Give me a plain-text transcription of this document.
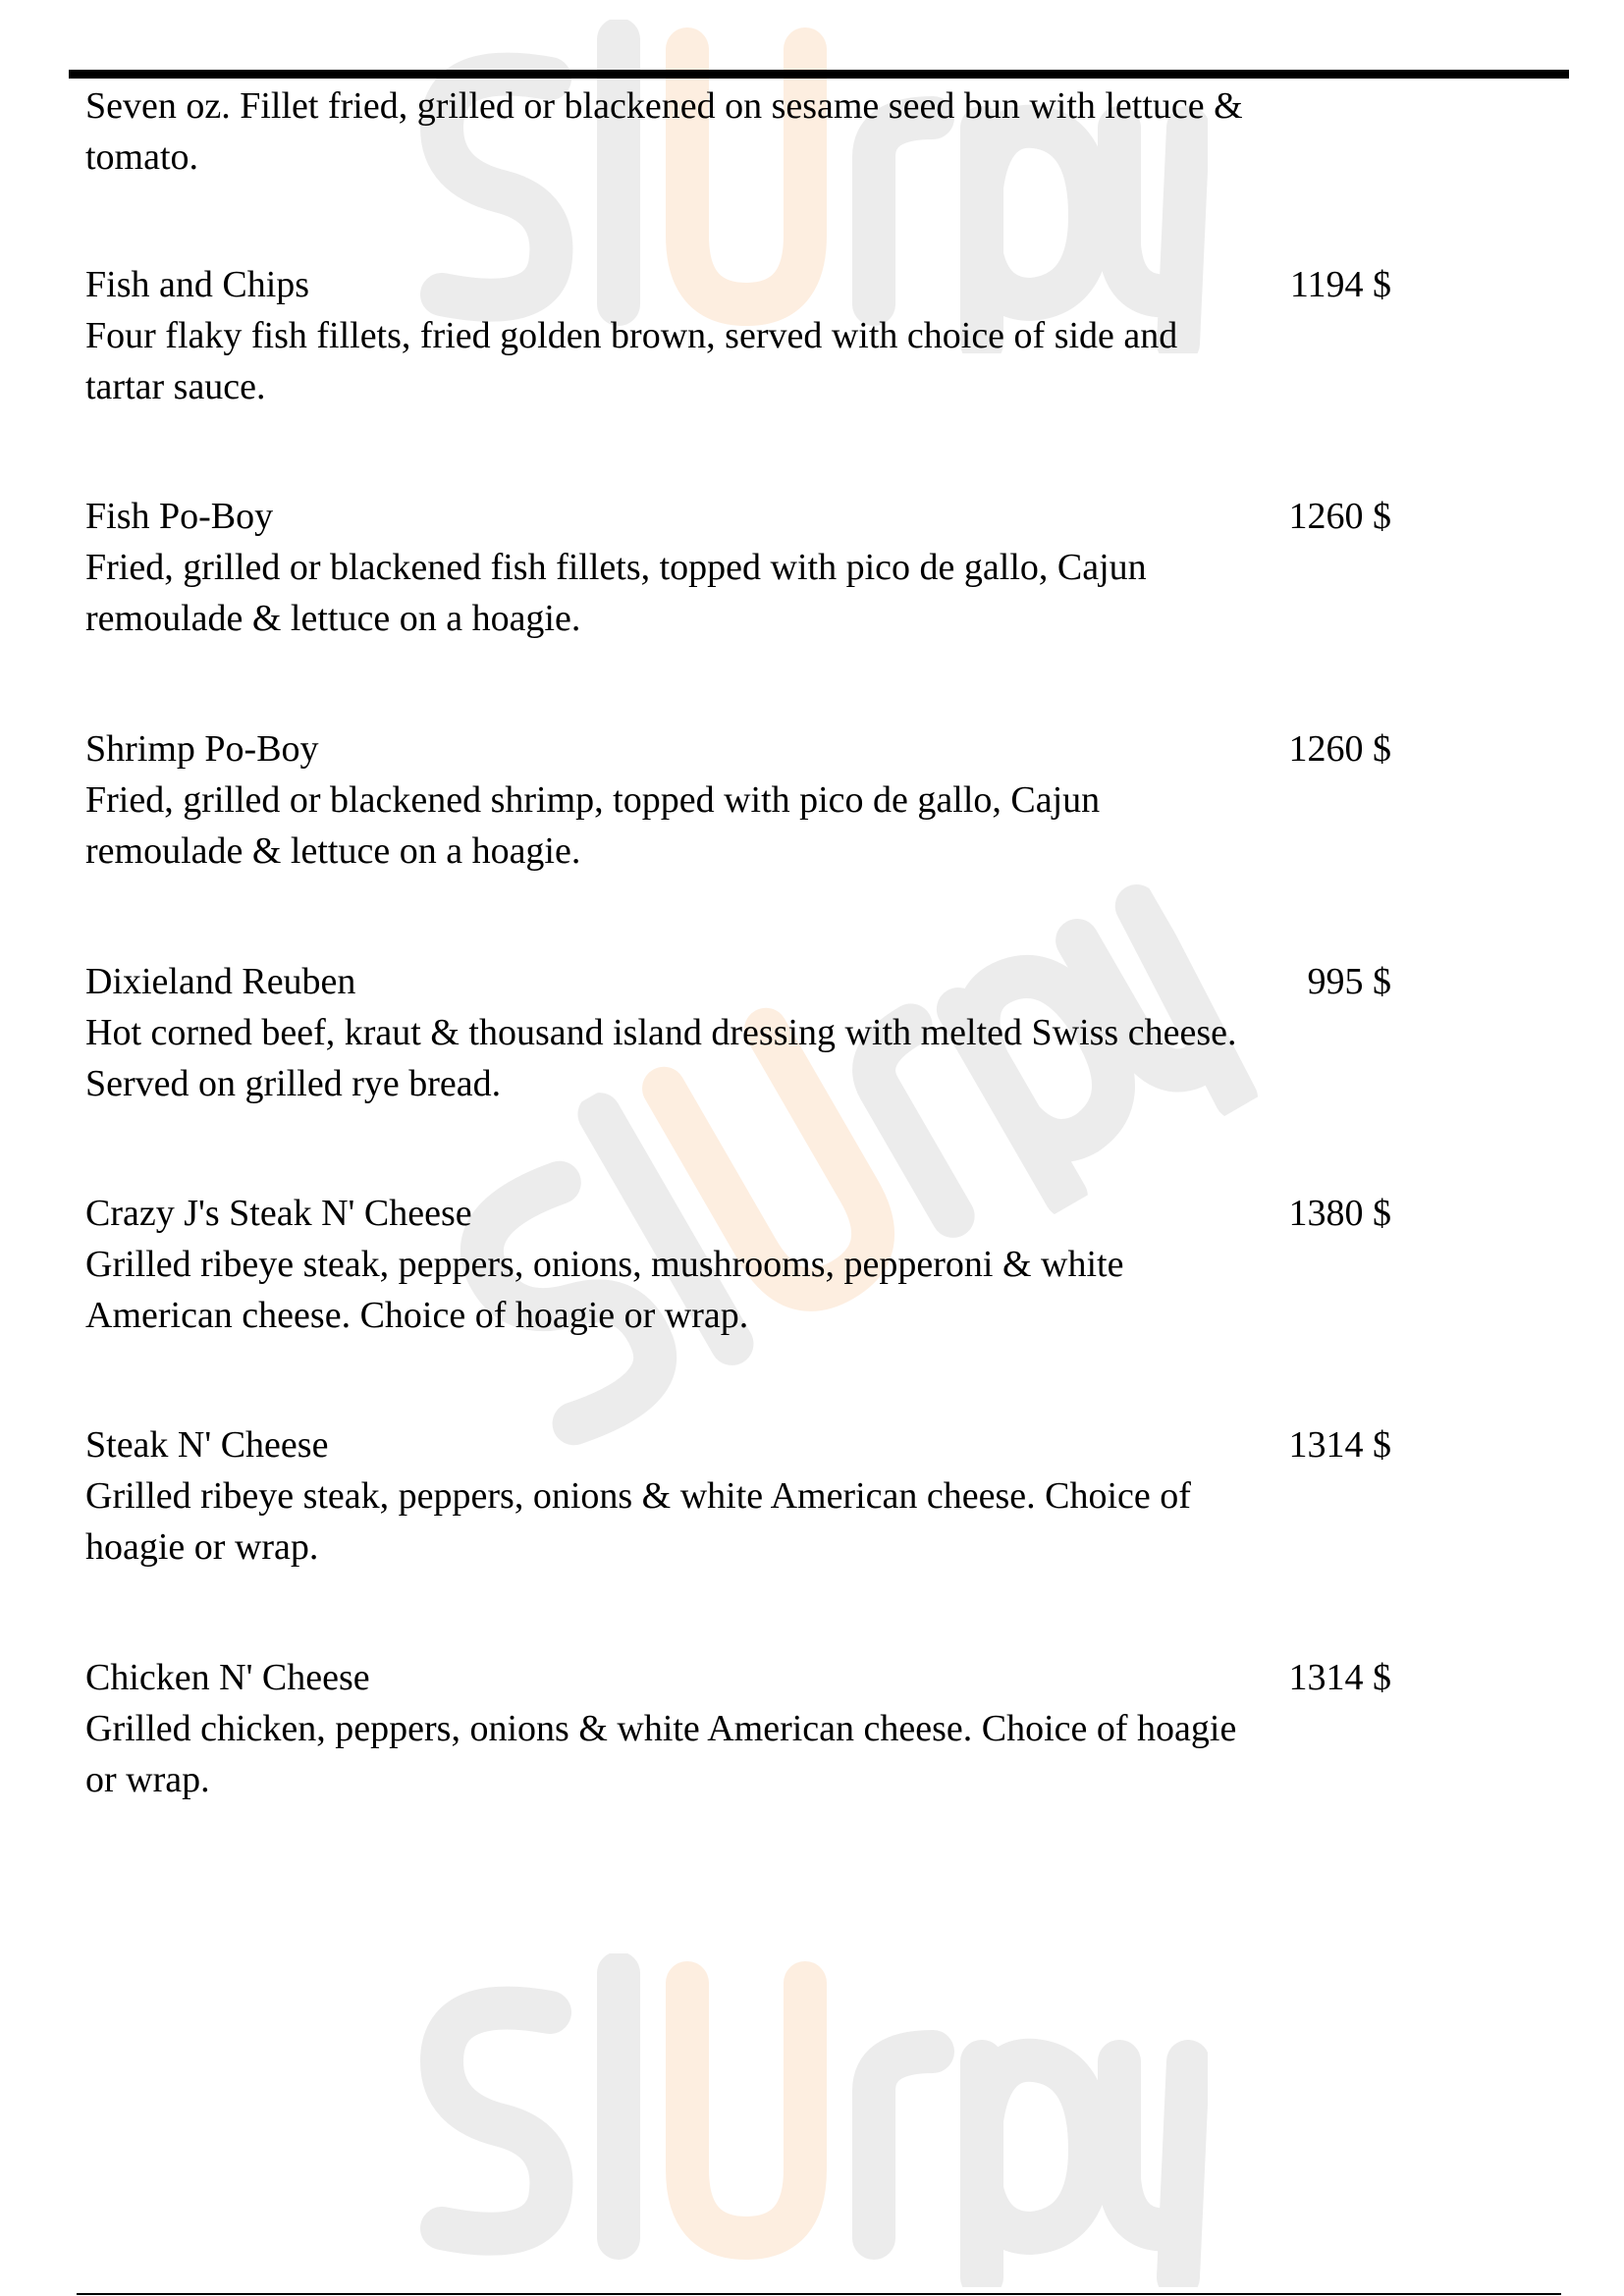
Seven oz. Fillet fried, grilled or blackened on sesame seed bun with lettuce & tomato.
Fish and Chips	1194 $
Four flaky fish fillets, fried golden brown, served with choice of side and tartar sauce.
Fish Po-Boy	1260 $
Fried, grilled or blackened fish fillets, topped with pico de gallo, Cajun remoulade & lettuce on a hoagie.
Shrimp Po-Boy	1260 $
Fried, grilled or blackened shrimp, topped with pico de gallo, Cajun remoulade & lettuce on a hoagie.
Dixieland Reuben	995 $
Hot corned beef, kraut & thousand island dressing with melted Swiss cheese. Served on grilled rye bread.
Crazy J's Steak N' Cheese	1380 $
Grilled ribeye steak, peppers, onions, mushrooms, pepperoni & white American cheese. Choice of hoagie or wrap.
Steak N' Cheese	1314 $
Grilled ribeye steak, peppers, onions & white American cheese. Choice of hoagie or wrap.
Chicken N' Cheese	1314 $
Grilled chicken, peppers, onions & white American cheese. Choice of hoagie or wrap.
